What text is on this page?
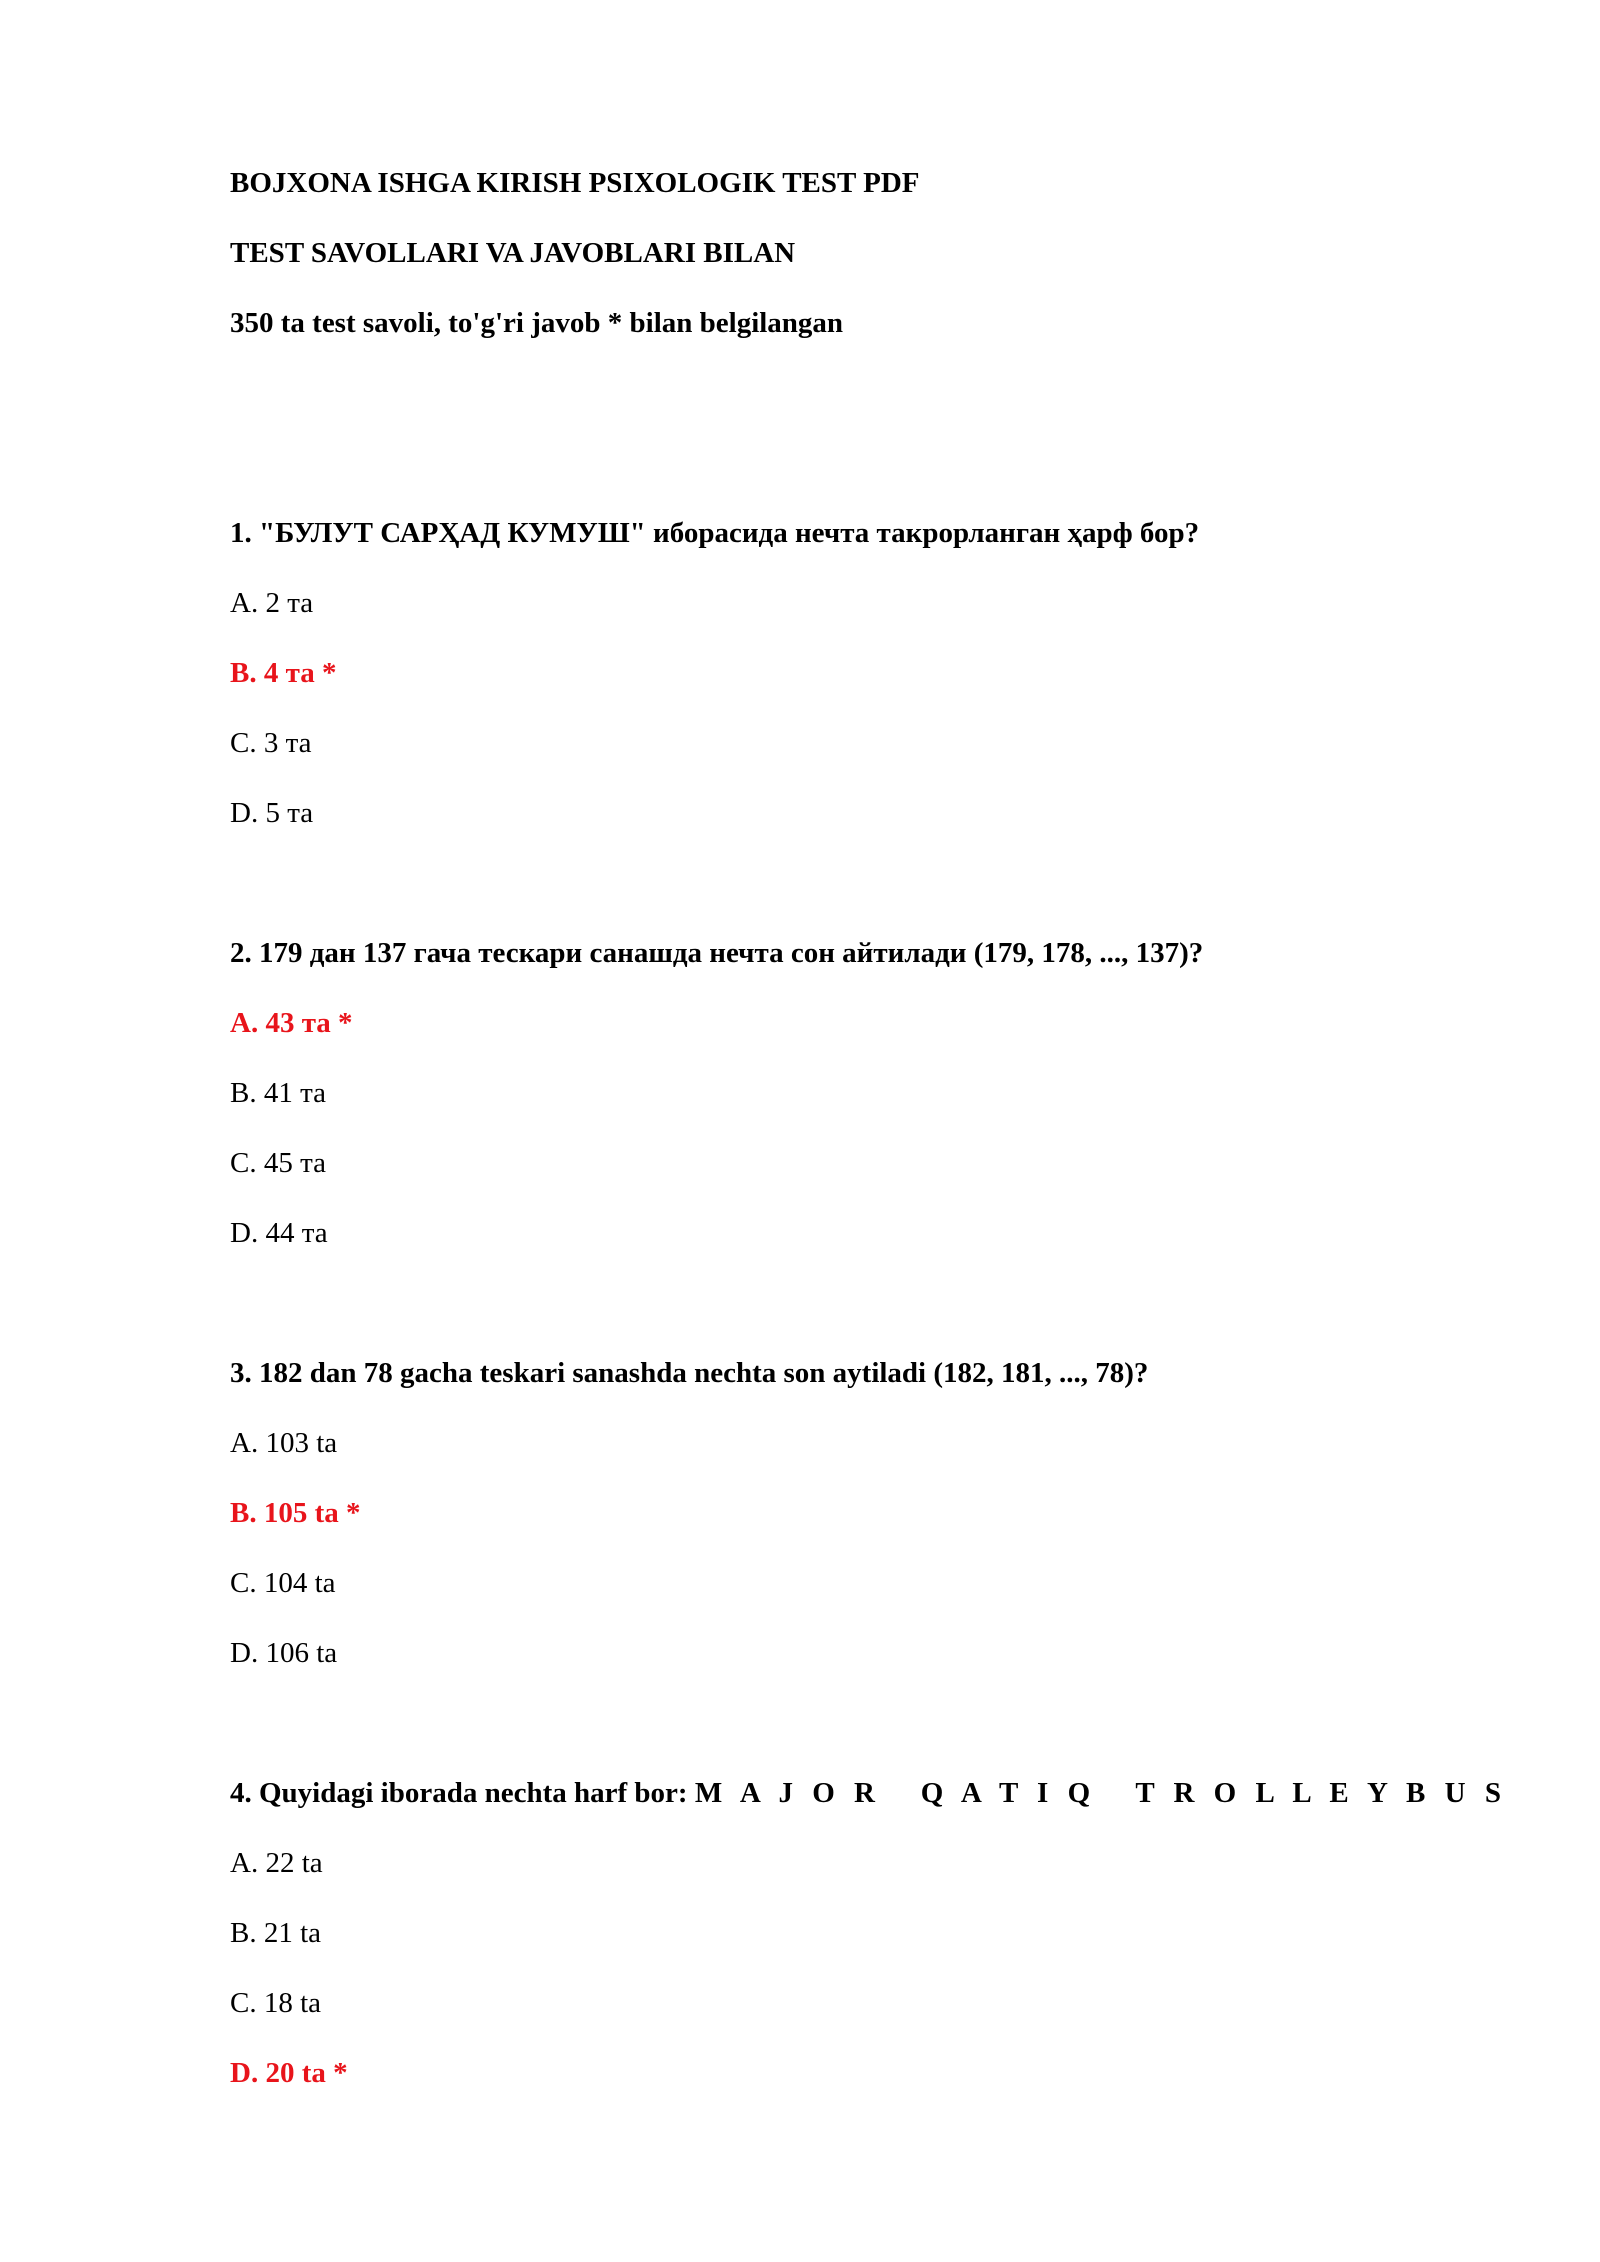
BOJXONA ISHGA KIRISH PSIXOLOGIK TEST PDF

TEST SAVOLLARI VA JAVOBLARI BILAN

350 ta test savoli, to'g'ri javob * bilan belgilangan

1. "БУЛУТ САРҲАД КУМУШ" иборасида нечта такрорланган ҳарф бор?

A. 2 та

B. 4 та *

C. 3 та

D. 5 та

2. 179 дан 137 гача тескари санашда нечта сон айтилади (179, 178, ..., 137)?

A. 43 та *

B. 41 та

C. 45 та

D. 44 та

3. 182 dan 78 gacha teskari sanashda nechta son aytiladi (182, 181, ..., 78)?

A. 103 ta

B. 105 ta *

C. 104 ta

D. 106 ta

4. Quyidagi iborada nechta harf bor: M A J O R   Q A T I Q   T R O L L E Y B U S

A. 22 ta

B. 21 ta

C. 18 ta

D. 20 ta *
